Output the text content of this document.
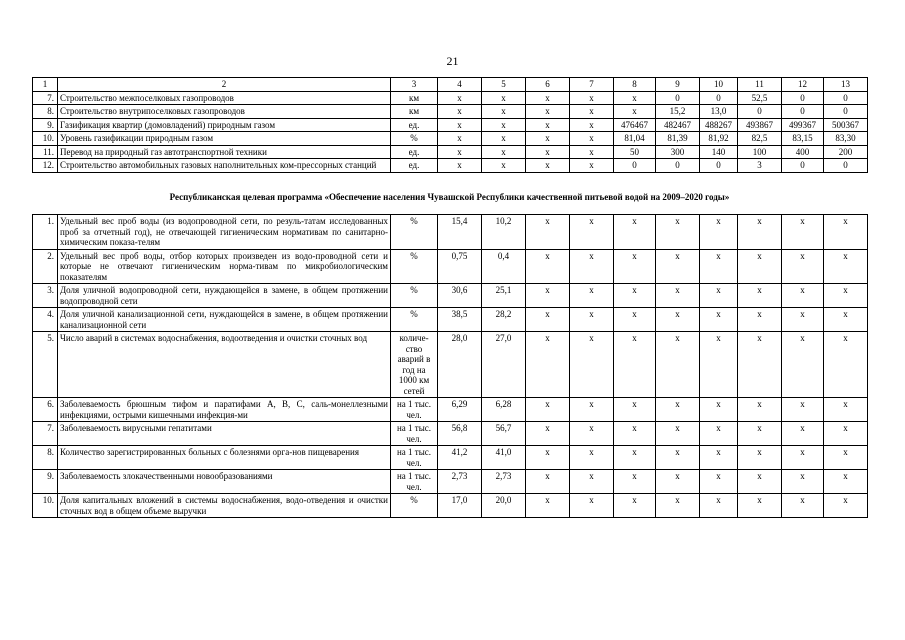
21
1	2	3	4	5	6	7	8	9	10	11	12	13
7.	Строительство межпоселковых газопроводов	км	х	х	х	х	х	0	0	52,5	0	0
8.	Строительство внутрипоселковых газопроводов	км	х	х	х	х	х	15,2	13,0	0	0	0
9.	Газификация квартир (домовладений) природным газом	ед.	х	х	х	х	476467	482467	488267	493867	499367	500367
10.	Уровень газификации природным газом	%	х	х	х	х	81,04	81,39	81,92	82,5	83,15	83,30
11.	Перевод на природный газ автотранспортной техники	ед.	х	х	х	х	50	300	140	100	400	200
12.	Строительство автомобильных газовых наполнительных ком-прессорных станций	ед.	х	х	х	х	0	0	0	3	0	0
Республиканская целевая программа «Обеспечение населения Чувашской Республики качественной питьевой водой на 2009–2020 годы»
1.	Удельный вес проб воды (из водопроводной сети, по резуль-татам исследованных проб за отчетный год), не отвечающей гигиеническим нормативам по санитарно-химическим показа-телям	%	15,4	10,2	х	х	х	х	х	х	х	х
2.	Удельный вес проб воды, отбор которых произведен из водо-проводной сети и которые не отвечают гигиеническим норма-тивам по микробиологическим показателям	%	0,75	0,4	х	х	х	х	х	х	х	х
3.	Доля уличной водопроводной сети, нуждающейся в замене, в общем протяжении водопроводной сети	%	30,6	25,1	х	х	х	х	х	х	х	х
4.	Доля уличной канализационной сети, нуждающейся в замене, в общем протяжении канализационной сети	%	38,5	28,2	х	х	х	х	х	х	х	х
5.	Число аварий в системах водоснабжения, водоотведения и очистки сточных вод	количе-ство аварий в год на 1000 км сетей	28,0	27,0	х	х	х	х	х	х	х	х
6.	Заболеваемость брюшным тифом и паратифами А, В, С, саль-монеллезными инфекциями, острыми кишечными инфекция-ми	на 1 тыс. чел.	6,29	6,28	х	х	х	х	х	х	х	х
7.	Заболеваемость вирусными гепатитами	на 1 тыс. чел.	56,8	56,7	х	х	х	х	х	х	х	х
8.	Количество зарегистрированных больных с болезнями орга-нов пищеварения	на 1 тыс. чел.	41,2	41,0	х	х	х	х	х	х	х	х
9.	Заболеваемость злокачественными новообразованиями	на 1 тыс. чел.	2,73	2,73	х	х	х	х	х	х	х	х
10.	Доля капитальных вложений в системы водоснабжения, водо-отведения и очистки сточных вод в общем объеме выручки	%	17,0	20,0	х	х	х	х	х	х	х	х
